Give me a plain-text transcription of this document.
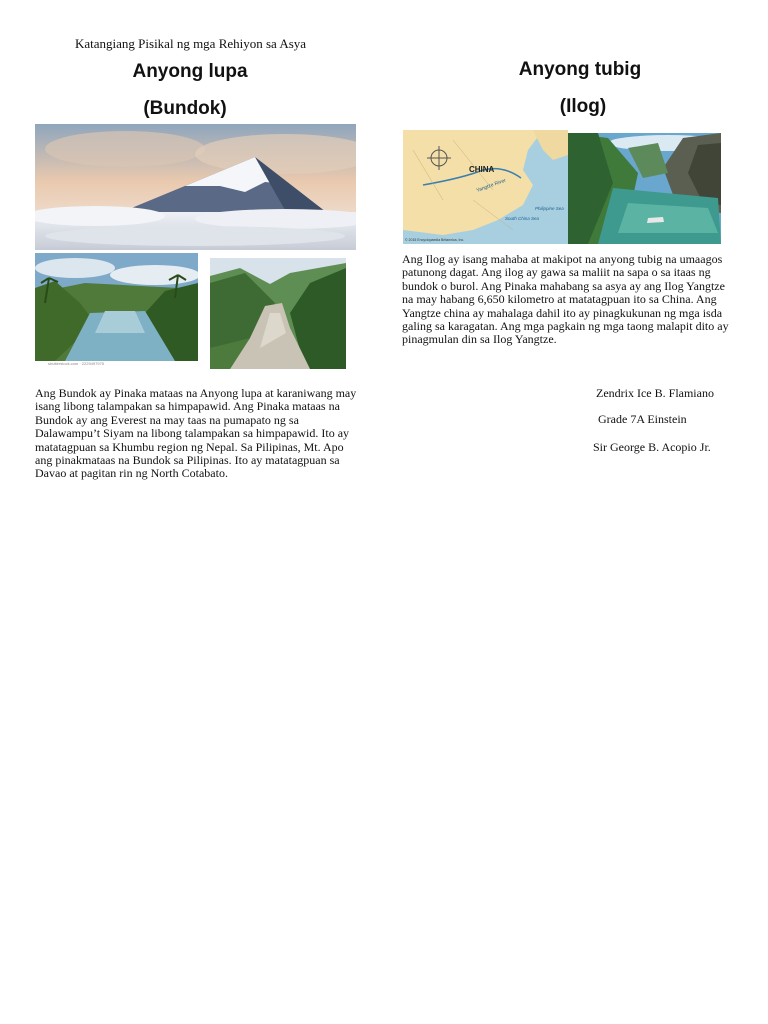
Katangiang Pisikal ng mga Rehiyon sa Asya
Anyong lupa
(Bundok)
shutterstock.com · 2229497975
Ang Bundok ay Pinaka mataas na Anyong lupa at karaniwang may isang libong talampakan sa himpapawid. Ang Pinaka mataas na Bundok ay ang Everest na may taas na pumapato ng sa Dalawampu’t Siyam na libong talampakan sa himpapawid. Ito ay matatagpuan sa Khumbu region ng Nepal. Sa Pilipinas, Mt. Apo ang pinakmataas na Bundok sa Pilipinas. Ito ay matatagpuan sa Davao at pagitan rin ng North Cotabato.
Anyong tubig
(Ilog)
CHINA
Yangtze River
South China Sea
Philippine Sea
© 2015 Encyclopaedia Britannica, Inc.
Ang Ilog ay isang mahaba at makipot na anyong tubig na umaagos patunong dagat. Ang ilog ay gawa sa maliit na sapa o sa itaas ng bundok o burol. Ang Pinaka mahabang sa asya ay ang Ilog Yangtze na may habang 6,650 kilometro at matatagpuan ito sa China. Ang Yangtze china ay mahalaga dahil ito ay pinagkukunan ng mga isda galing sa karagatan. Ang mga pagkain ng mga taong malapit dito ay pinagmulan din sa Ilog Yangtze.
Zendrix Ice B. Flamiano
Grade 7A Einstein
Sir George B. Acopio Jr.
